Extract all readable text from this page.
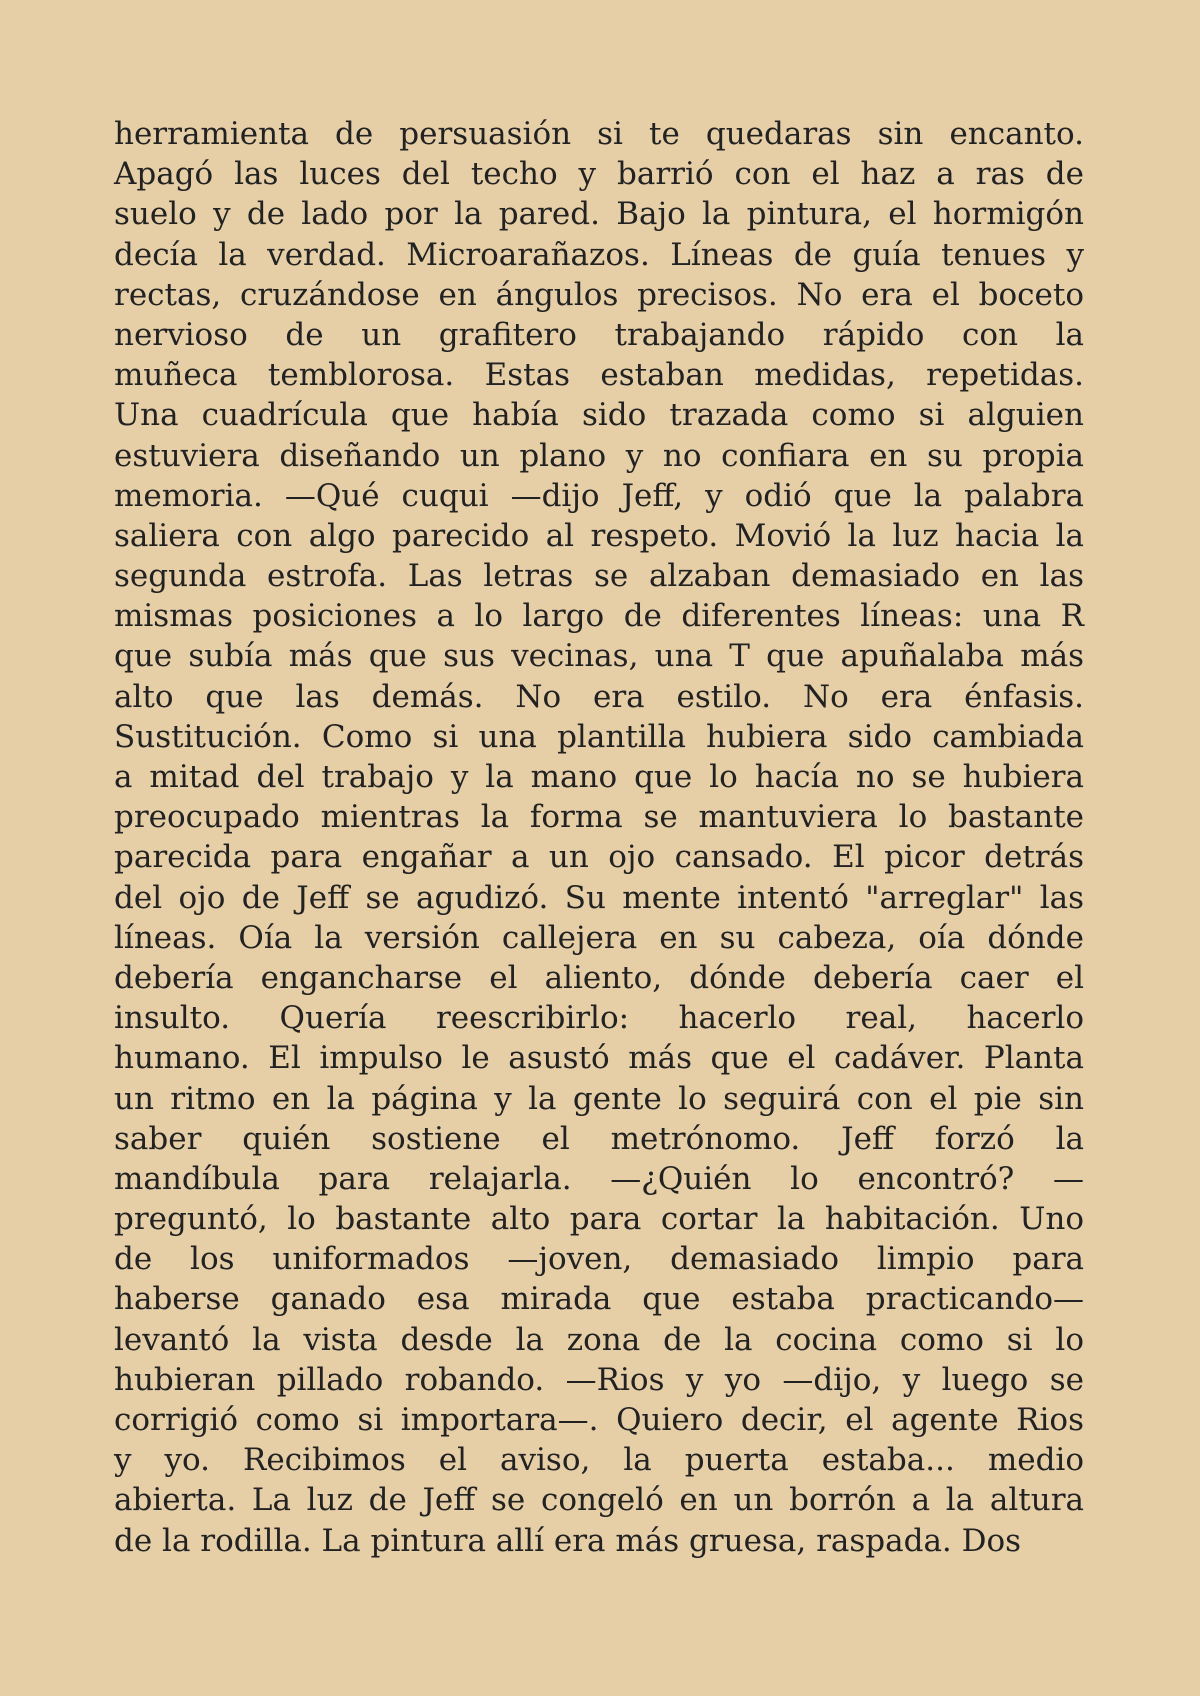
herramienta de persuasión si te quedaras sin encanto.
Apagó las luces del techo y barrió con el haz a ras de
suelo y de lado por la pared. Bajo la pintura, el hormigón
decía la verdad. Microarañazos. Líneas de guía tenues y
rectas, cruzándose en ángulos precisos. No era el boceto
nervioso de un grafitero trabajando rápido con la
muñeca temblorosa. Estas estaban medidas, repetidas.
Una cuadrícula que había sido trazada como si alguien
estuviera diseñando un plano y no confiara en su propia
memoria. —Qué cuqui —dijo Jeff, y odió que la palabra
saliera con algo parecido al respeto. Movió la luz hacia la
segunda estrofa. Las letras se alzaban demasiado en las
mismas posiciones a lo largo de diferentes líneas: una R
que subía más que sus vecinas, una T que apuñalaba más
alto que las demás. No era estilo. No era énfasis.
Sustitución. Como si una plantilla hubiera sido cambiada
a mitad del trabajo y la mano que lo hacía no se hubiera
preocupado mientras la forma se mantuviera lo bastante
parecida para engañar a un ojo cansado. El picor detrás
del ojo de Jeff se agudizó. Su mente intentó "arreglar" las
líneas. Oía la versión callejera en su cabeza, oía dónde
debería engancharse el aliento, dónde debería caer el
insulto. Quería reescribirlo: hacerlo real, hacerlo
humano. El impulso le asustó más que el cadáver. Planta
un ritmo en la página y la gente lo seguirá con el pie sin
saber quién sostiene el metrónomo. Jeff forzó la
mandíbula para relajarla. —¿Quién lo encontró? —
preguntó, lo bastante alto para cortar la habitación. Uno
de los uniformados —joven, demasiado limpio para
haberse ganado esa mirada que estaba practicando—
levantó la vista desde la zona de la cocina como si lo
hubieran pillado robando. —Rios y yo —dijo, y luego se
corrigió como si importara—. Quiero decir, el agente Rios
y yo. Recibimos el aviso, la puerta estaba... medio
abierta. La luz de Jeff se congeló en un borrón a la altura
de la rodilla. La pintura allí era más gruesa, raspada. Dos
